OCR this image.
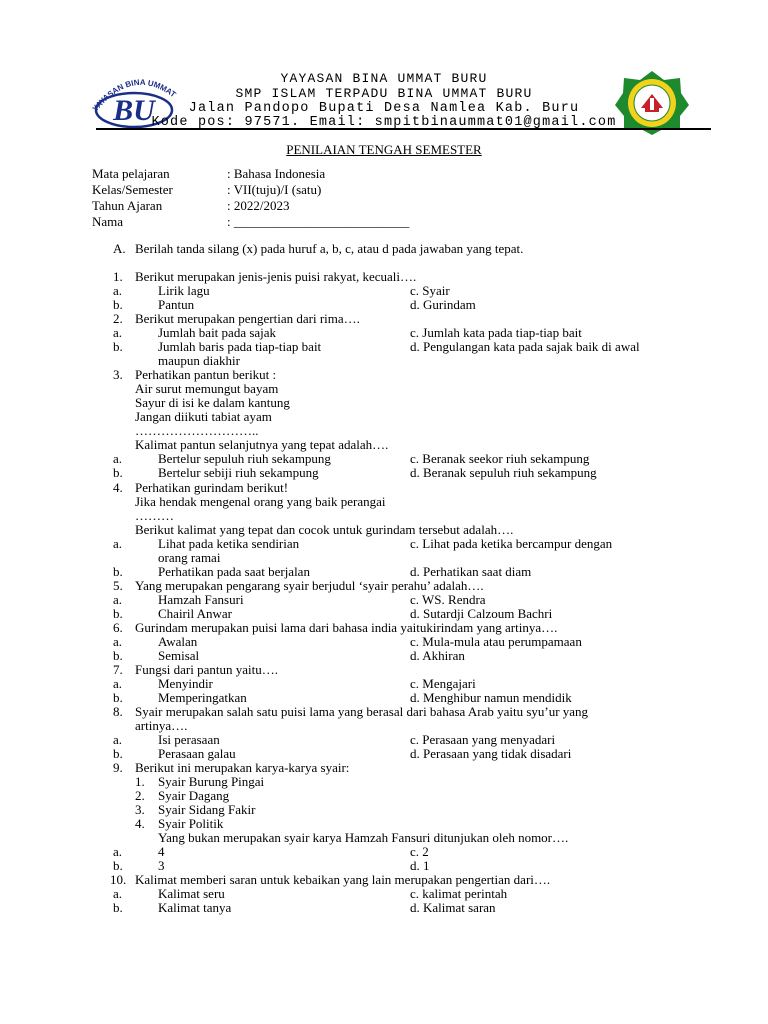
YAYASAN BINA UMMAT
BU
YAYASAN BINA UMMAT BURU
SMP ISLAM TERPADU BINA UMMAT BURU
Jalan Pandopo Bupati Desa Namlea Kab. Buru
Kode pos: 97571. Email: smpitbinaummat01@gmail.com
PENILAIAN TENGAH SEMESTER
Mata pelajaran	: Bahasa Indonesia
Kelas/Semester	: VII(tuju)/I (satu)
Tahun Ajaran	: 2022/2023
Nama	: ___________________________
A. Berilah tanda silang (x) pada huruf a, b, c, atau d pada jawaban yang tepat.
1. Berikut merupakan jenis-jenis puisi rakyat, kecuali….
a.	Lirik lagu	c. Syair
b.	Pantun	d. Gurindam
2. Berikut merupakan pengertian dari rima….
a.	Jumlah bait pada sajak	c. Jumlah kata pada tiap-tiap bait
b.	Jumlah baris pada tiap-tiap bait	d. Pengulangan kata pada sajak baik di awal
maupun diakhir
3. Perhatikan pantun berikut :
Air surut memungut bayam
Sayur di isi ke dalam kantung
Jangan diikuti tabiat ayam
………………………..
Kalimat pantun selanjutnya yang tepat adalah….
a.	Bertelur sepuluh riuh sekampung	c. Beranak seekor riuh sekampung
b.	Bertelur sebiji riuh sekampung	d. Beranak sepuluh riuh sekampung
4. Perhatikan gurindam berikut!
Jika hendak mengenal orang yang baik perangai
………
Berikut kalimat yang tepat dan cocok untuk gurindam tersebut adalah….
a.	Lihat pada ketika sendirian	c. Lihat pada ketika bercampur dengan
orang ramai
b.	Perhatikan pada saat berjalan	d. Perhatikan saat diam
5. Yang merupakan pengarang syair berjudul ‘syair perahu’ adalah….
a.	Hamzah Fansuri	c. WS. Rendra
b.	Chairil Anwar	d. Sutardji Calzoum Bachri
6. Gurindam merupakan puisi lama dari bahasa india yaitukirindam yang artinya….
a.	Awalan	c. Mula-mula atau perumpamaan
b.	Semisal	d. Akhiran
7. Fungsi dari pantun yaitu….
a.	Menyindir	c. Mengajari
b.	Memperingatkan	d. Menghibur namun mendidik
8. Syair merupakan salah satu puisi lama yang berasal dari bahasa Arab yaitu syu’ur yang
artinya….
a.	Isi perasaan	c. Perasaan yang menyadari
b.	Perasaan galau	d. Perasaan yang tidak disadari
9. Berikut ini merupakan karya-karya syair:
1. Syair Burung Pingai
2. Syair Dagang
3. Syair Sidang Fakir
4. Syair Politik
Yang bukan merupakan syair karya Hamzah Fansuri ditunjukan oleh nomor….
a.	4	c. 2
b.	3	d. 1
10. Kalimat memberi saran untuk kebaikan yang lain merupakan pengertian dari….
a.	Kalimat seru	c. kalimat perintah
b.	Kalimat tanya	d. Kalimat saran
